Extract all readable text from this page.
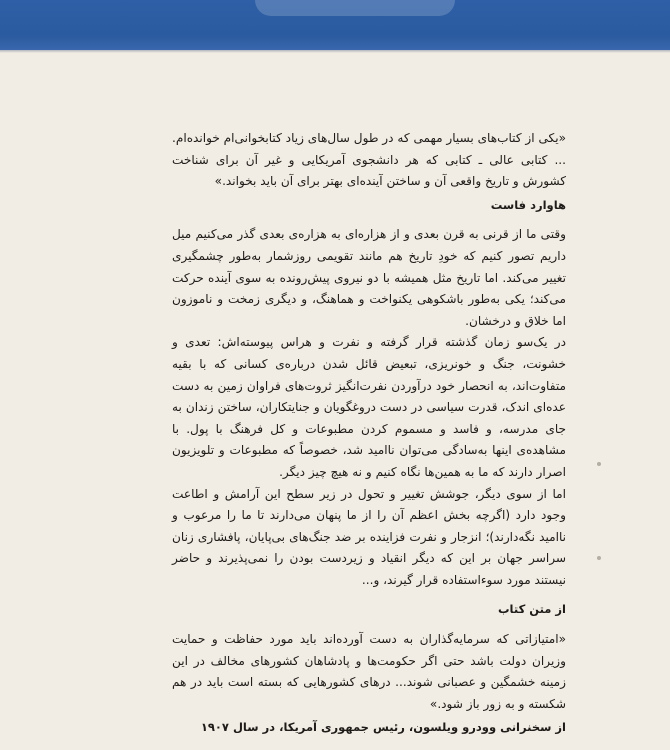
«یکی از کتاب‌های بسیار مهمی که در طول سال‌های زیاد کتابخوانی‌ام خوانده‌ام.

... کتابی عالی ـ کتابی که هر دانشجوی آمریکایی و غیر آن برای شناخت کشورش و تاریخ واقعی آن و ساختن آینده‌ای بهتر برای آن باید بخواند.»

هاوارد فاست

وقتی ما از قرنی به قرن بعدی و از هزاره‌ای به هزاره‌ی بعدی گذر می‌کنیم میل داریم تصور کنیم که خودِ تاریخ هم مانند تقویمی روزشمار به‌طور چشمگیری تغییر می‌کند. اما تاریخ مثل همیشه با دو نیروی پیش‌رونده به سوی آینده حرکت می‌کند؛ یکی به‌طور باشکوهی یکنواخت و هماهنگ، و دیگری زمخت و ناموزون اما خلاق و درخشان.

در یک‌سو زمان گذشته قرار گرفته و نفرت و هراس پیوسته‌اش: تعدی و خشونت، جنگ و خونریزی، تبعیض قائل شدن درباره‌ی کسانی که با بقیه متفاوت‌اند، به انحصار خود درآوردن نفرت‌انگیز ثروت‌های فراوان زمین به دست عده‌ای اندک، قدرت سیاسی در دست دروغگویان و جنایتکاران، ساختن زندان به جای مدرسه، و فاسد و مسموم کردن مطبوعات و کل فرهنگ با پول. با مشاهده‌ی اینها به‌سادگی می‌توان ناامید شد، خصوصاً که مطبوعات و تلویزیون اصرار دارند که ما به همین‌ها نگاه کنیم و نه هیچ چیز دیگر.

اما از سوی دیگر، جوشش تغییر و تحول در زیر سطح این آرامش و اطاعت وجود دارد (اگرچه بخش اعظم آن را از ما پنهان می‌دارند تا ما را مرعوب و ناامید نگه‌دارند)؛ انزجار و نفرت فزاینده بر ضد جنگ‌های بی‌پایان، پافشاری زنان سراسر جهان بر این که دیگر انقیاد و زیردست بودن را نمی‌پذیرند و حاضر نیستند مورد سوءاستفاده قرار گیرند، و...

از متن کتاب

«امتیازاتی که سرمایه‌گذاران به دست آورده‌اند باید مورد حفاظت و حمایت وزیران دولت باشد حتی اگر حکومت‌ها و پادشاهان کشورهای مخالف در این زمینه خشمگین و عصبانی شوند... درهای کشورهایی که بسته است باید در هم شکسته و به زور باز شود.»

از سخنرانی وودرو ویلسون، رئیس جمهوری آمریکا، در سال ۱۹۰۷
